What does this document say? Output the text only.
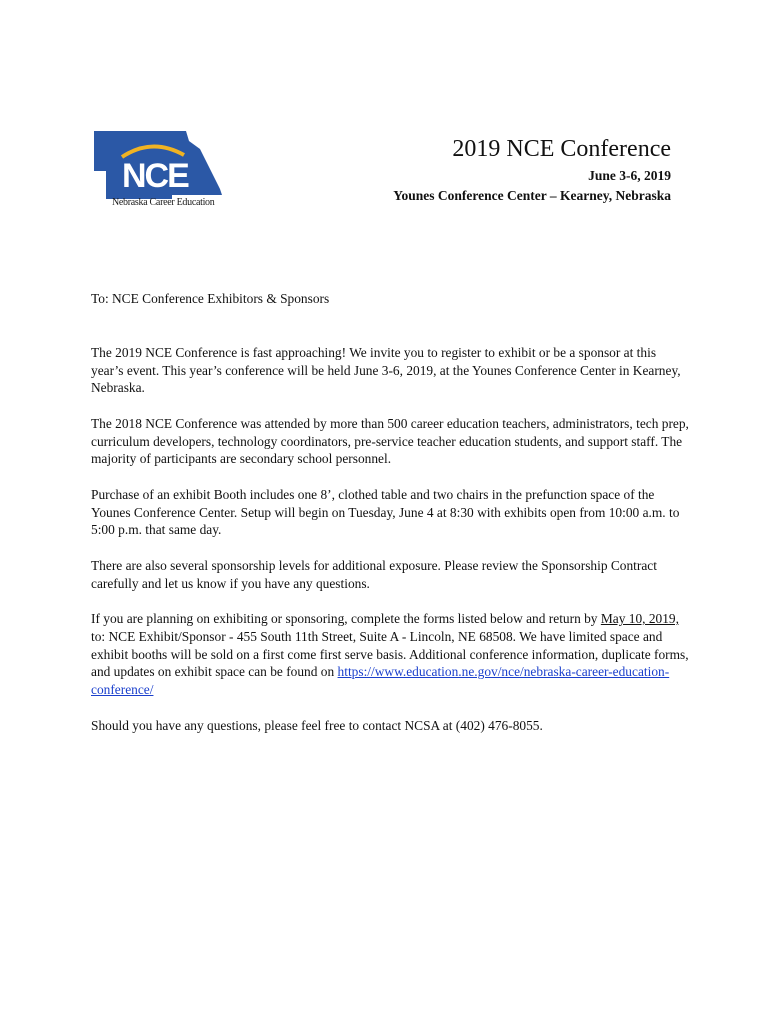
NCE
Nebraska Career Education
2019 NCE Conference
June 3-6, 2019
Younes Conference Center – Kearney, Nebraska

To: NCE Conference Exhibitors & Sponsors

The 2019 NCE Conference is fast approaching! We invite you to register to exhibit or be a sponsor at this year’s event. This year’s conference will be held June 3-6, 2019, at the Younes Conference Center in Kearney, Nebraska.

The 2018 NCE Conference was attended by more than 500 career education teachers, administrators, tech prep, curriculum developers, technology coordinators, pre-service teacher education students, and support staff. The majority of participants are secondary school personnel.

Purchase of an exhibit Booth includes one 8’, clothed table and two chairs in the prefunction space of the Younes Conference Center. Setup will begin on Tuesday, June 4 at 8:30 with exhibits open from 10:00 a.m. to 5:00 p.m. that same day.

There are also several sponsorship levels for additional exposure. Please review the Sponsorship Contract carefully and let us know if you have any questions.

If you are planning on exhibiting or sponsoring, complete the forms listed below and return by May 10, 2019, to: NCE Exhibit/Sponsor - 455 South 11th Street, Suite A - Lincoln, NE 68508. We have limited space and exhibit booths will be sold on a first come first serve basis. Additional conference information, duplicate forms, and updates on exhibit space can be found on https://www.education.ne.gov/nce/nebraska-career-education-conference/

Should you have any questions, please feel free to contact NCSA at (402) 476-8055.
